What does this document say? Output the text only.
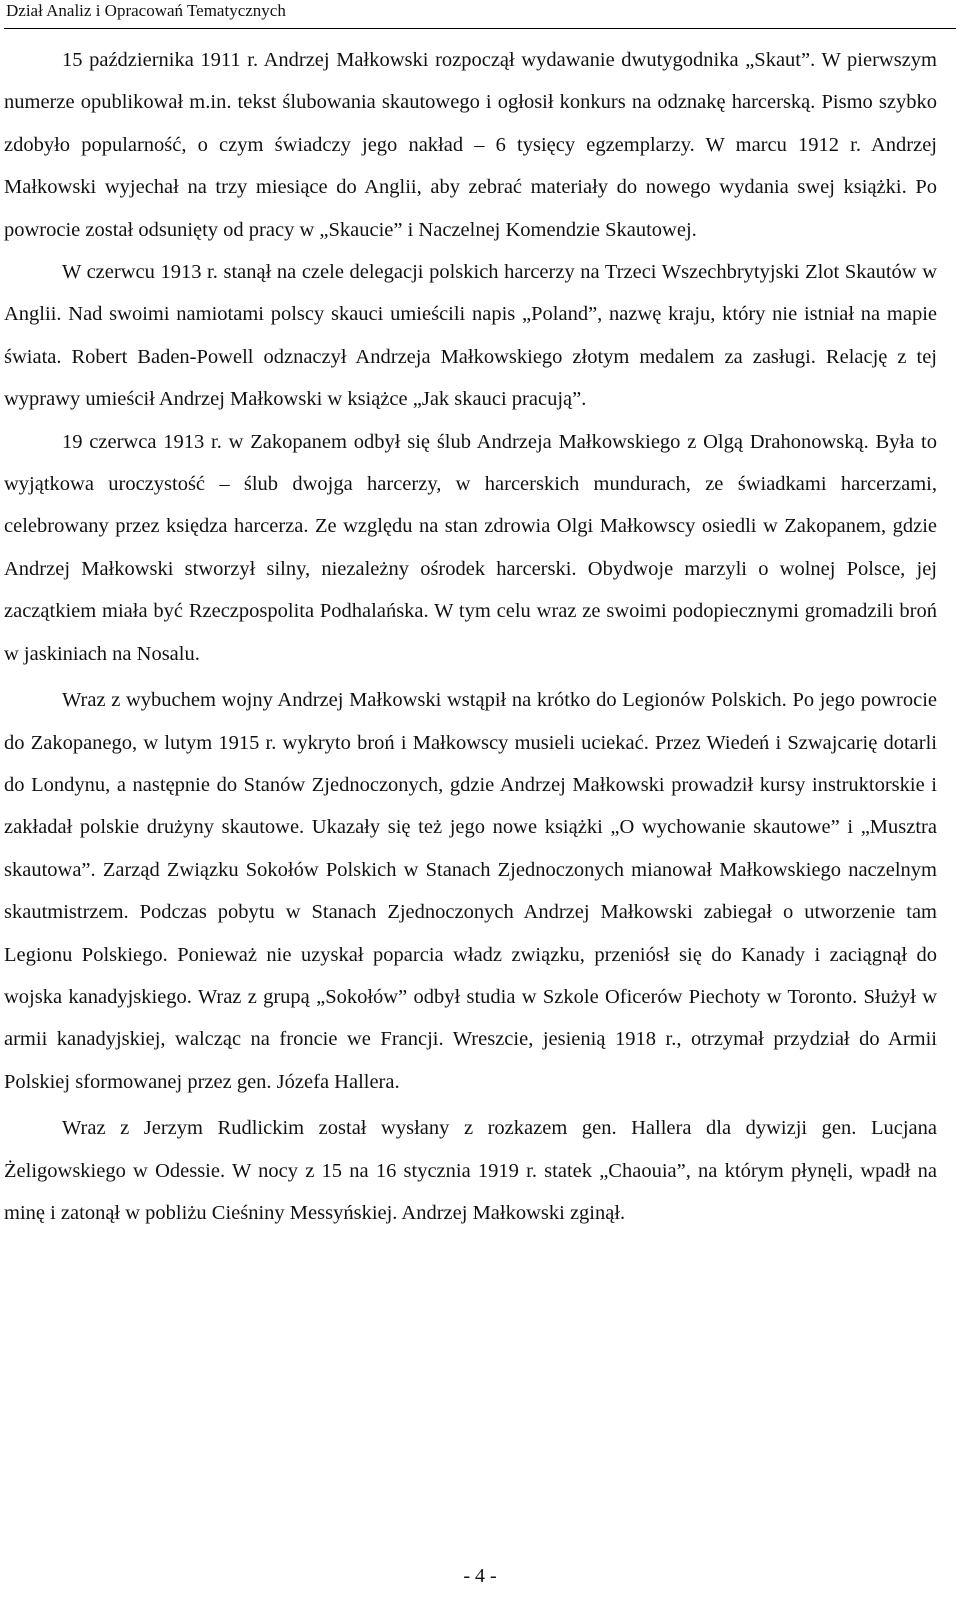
Dział Analiz i Opracowań Tematycznych

15 października 1911 r. Andrzej Małkowski rozpoczął wydawanie dwutygodnika „Skaut”. W pierwszym numerze opublikował m.in. tekst ślubowania skautowego i ogłosił konkurs na odznakę harcerską. Pismo szybko zdobyło popularność, o czym świadczy jego nakład – 6 tysięcy egzemplarzy. W marcu 1912 r. Andrzej Małkowski wyjechał na trzy miesiące do Anglii, aby zebrać materiały do nowego wydania swej książki. Po powrocie został odsunięty od pracy w „Skaucie” i Naczelnej Komendzie Skautowej.

W czerwcu 1913 r. stanął na czele delegacji polskich harcerzy na Trzeci Wszechbrytyjski Zlot Skautów w Anglii. Nad swoimi namiotami polscy skauci umieścili napis „Poland”, nazwę kraju, który nie istniał na mapie świata. Robert Baden-Powell odznaczył Andrzeja Małkowskiego złotym medalem za zasługi. Relację z tej wyprawy umieścił Andrzej Małkowski w książce „Jak skauci pracują”.

19 czerwca 1913 r. w Zakopanem odbył się ślub Andrzeja Małkowskiego z Olgą Drahonowską. Była to wyjątkowa uroczystość – ślub dwojga harcerzy, w harcerskich mundurach, ze świadkami harcerzami, celebrowany przez księdza harcerza. Ze względu na stan zdrowia Olgi Małkowscy osiedli w Zakopanem, gdzie Andrzej Małkowski stworzył silny, niezależny ośrodek harcerski. Obydwoje marzyli o wolnej Polsce, jej zaczątkiem miała być Rzeczpospolita Podhalańska. W tym celu wraz ze swoimi podopiecznymi gromadzili broń w jaskiniach na Nosalu.

Wraz z wybuchem wojny Andrzej Małkowski wstąpił na krótko do Legionów Polskich. Po jego powrocie do Zakopanego, w lutym 1915 r. wykryto broń i Małkowscy musieli uciekać. Przez Wiedeń i Szwajcarię dotarli do Londynu, a następnie do Stanów Zjednoczonych, gdzie Andrzej Małkowski prowadził kursy instruktorskie i zakładał polskie drużyny skautowe. Ukazały się też jego nowe książki „O wychowanie skautowe” i „Musztra skautowa”. Zarząd Związku Sokołów Polskich w Stanach Zjednoczonych mianował Małkowskiego naczelnym skautmistrzem. Podczas pobytu w Stanach Zjednoczonych Andrzej Małkowski zabiegał o utworzenie tam Legionu Polskiego. Ponieważ nie uzyskał poparcia władz związku, przeniósł się do Kanady i zaciągnął do wojska kanadyjskiego. Wraz z grupą „Sokołów” odbył studia w Szkole Oficerów Piechoty w Toronto. Służył w armii kanadyjskiej, walcząc na froncie we Francji. Wreszcie, jesienią 1918 r., otrzymał przydział do Armii Polskiej sformowanej przez gen. Józefa Hallera.

Wraz z Jerzym Rudlickim został wysłany z rozkazem gen. Hallera dla dywizji gen. Lucjana Żeligowskiego w Odessie. W nocy z 15 na 16 stycznia 1919 r. statek „Chaouia”, na którym płynęli, wpadł na minę i zatonął w pobliżu Cieśniny Messyńskiej. Andrzej Małkowski zginął.

- 4 -
